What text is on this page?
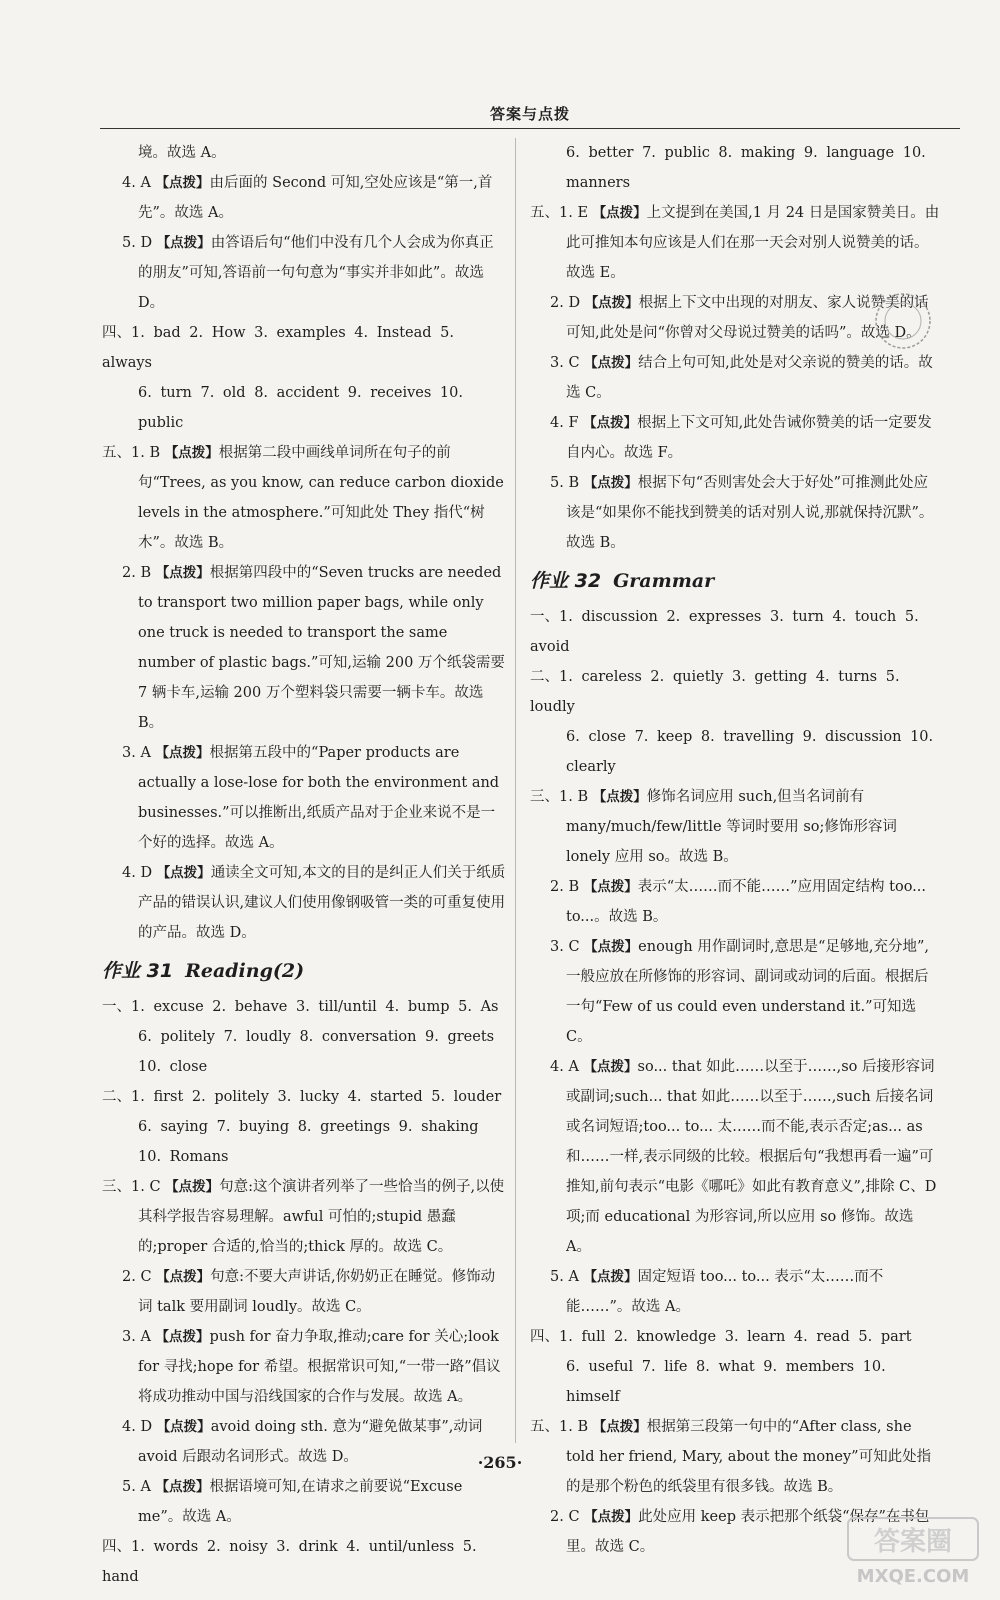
答案与点拨
境。故选 A。
4. A 【点拨】由后面的 Second 可知,空处应该是“第一,首先”。故选 A。
5. D 【点拨】由答语后句“他们中没有几个人会成为你真正的朋友”可知,答语前一句句意为“事实并非如此”。故选 D。
四、1. bad 2. How 3. examples 4. Instead 5. always
6. turn 7. old 8. accident 9. receives 10. public
五、1. B 【点拨】根据第二段中画线单词所在句子的前句“Trees, as you know, can reduce carbon dioxide levels in the atmosphere.”可知此处 They 指代“树木”。故选 B。
2. B 【点拨】根据第四段中的“Seven trucks are needed to transport two million paper bags, while only one truck is needed to transport the same number of plastic bags.”可知,运输 200 万个纸袋需要 7 辆卡车,运输 200 万个塑料袋只需要一辆卡车。故选 B。
3. A 【点拨】根据第五段中的“Paper products are actually a lose-lose for both the environment and businesses.”可以推断出,纸质产品对于企业来说不是一个好的选择。故选 A。
4. D 【点拨】通读全文可知,本文的目的是纠正人们关于纸质产品的错误认识,建议人们使用像钢吸管一类的可重复使用的产品。故选 D。
作业 31 Reading(2)
一、1. excuse 2. behave 3. till/until 4. bump 5. As
6. politely 7. loudly 8. conversation 9. greets 10. close
二、1. first 2. politely 3. lucky 4. started 5. louder
6. saying 7. buying 8. greetings 9. shaking
10. Romans
三、1. C 【点拨】句意:这个演讲者列举了一些恰当的例子,以使其科学报告容易理解。awful 可怕的;stupid 愚蠢的;proper 合适的,恰当的;thick 厚的。故选 C。
2. C 【点拨】句意:不要大声讲话,你奶奶正在睡觉。修饰动词 talk 要用副词 loudly。故选 C。
3. A 【点拨】push for 奋力争取,推动;care for 关心;look for 寻找;hope for 希望。根据常识可知,“一带一路”倡议将成功推动中国与沿线国家的合作与发展。故选 A。
4. D 【点拨】avoid doing sth. 意为“避免做某事”,动词 avoid 后跟动名词形式。故选 D。
5. A 【点拨】根据语境可知,在请求之前要说“Excuse me”。故选 A。
四、1. words 2. noisy 3. drink 4. until/unless 5. hand
6. better 7. public 8. making 9. language 10. manners
五、1. E 【点拨】上文提到在美国,1 月 24 日是国家赞美日。由此可推知本句应该是人们在那一天会对别人说赞美的话。故选 E。
2. D 【点拨】根据上下文中出现的对朋友、家人说赞美的话可知,此处是问“你曾对父母说过赞美的话吗”。故选 D。
3. C 【点拨】结合上句可知,此处是对父亲说的赞美的话。故选 C。
4. F 【点拨】根据上下文可知,此处告诫你赞美的话一定要发自内心。故选 F。
5. B 【点拨】根据下句“否则害处会大于好处”可推测此处应该是“如果你不能找到赞美的话对别人说,那就保持沉默”。故选 B。
作业 32 Grammar
一、1. discussion 2. expresses 3. turn 4. touch 5. avoid
二、1. careless 2. quietly 3. getting 4. turns 5. loudly
6. close 7. keep 8. travelling 9. discussion 10. clearly
三、1. B 【点拨】修饰名词应用 such,但当名词前有 many/much/few/little 等词时要用 so;修饰形容词 lonely 应用 so。故选 B。
2. B 【点拨】表示“太……而不能……”应用固定结构 too... to...。故选 B。
3. C 【点拨】enough 用作副词时,意思是“足够地,充分地”,一般应放在所修饰的形容词、副词或动词的后面。根据后一句“Few of us could even understand it.”可知选 C。
4. A 【点拨】so... that 如此……以至于……,so 后接形容词或副词;such... that 如此……以至于……,such 后接名词或名词短语;too... to... 太……而不能,表示否定;as... as 和……一样,表示同级的比较。根据后句“我想再看一遍”可推知,前句表示“电影《哪吒》如此有教育意义”,排除 C、D 项;而 educational 为形容词,所以应用 so 修饰。故选 A。
5. A 【点拨】固定短语 too... to... 表示“太……而不能……”。故选 A。
四、1. full 2. knowledge 3. learn 4. read 5. part
6. useful 7. life 8. what 9. members 10. himself
五、1. B 【点拨】根据第三段第一句中的“After class, she told her friend, Mary, about the money”可知此处指的是那个粉色的纸袋里有很多钱。故选 B。
2. C 【点拨】此处应用 keep 表示把那个纸袋“保存”在书包里。故选 C。
·265·
答案圈
MXQE.COM
